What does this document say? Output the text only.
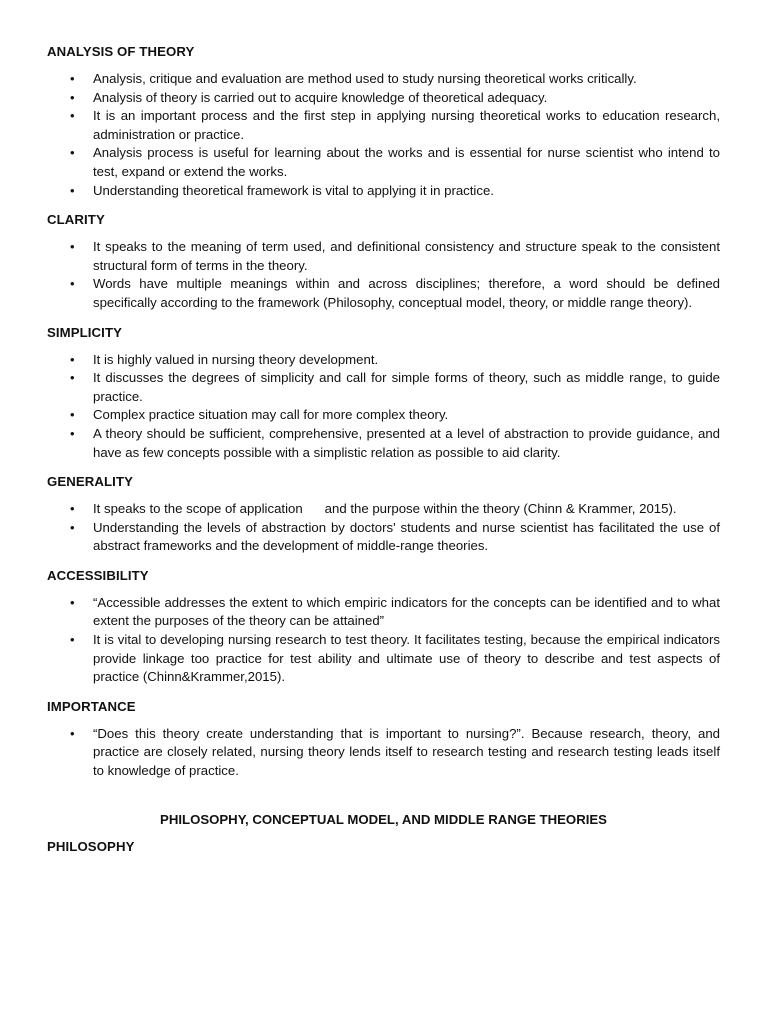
ANALYSIS OF THEORY
• Analysis, critique and evaluation are method used to study nursing theoretical works critically.
• Analysis of theory is carried out to acquire knowledge of theoretical adequacy.
• It is an important process and the first step in applying nursing theoretical works to education research, administration or practice.
• Analysis process is useful for learning about the works and is essential for nurse scientist who intend to test, expand or extend the works.
• Understanding theoretical framework is vital to applying it in practice.
CLARITY
• It speaks to the meaning of term used, and definitional consistency and structure speak to the consistent structural form of terms in the theory.
• Words have multiple meanings within and across disciplines; therefore, a word should be defined specifically according to the framework (Philosophy, conceptual model, theory, or middle range theory).
SIMPLICITY
• It is highly valued in nursing theory development.
• It discusses the degrees of simplicity and call for simple forms of theory, such as middle range, to guide practice.
• Complex practice situation may call for more complex theory.
• A theory should be sufficient, comprehensive, presented at a level of abstraction to provide guidance, and have as few concepts possible with a simplistic relation as possible to aid clarity.
GENERALITY
• It speaks to the scope of application      and the purpose within the theory (Chinn & Krammer, 2015).
• Understanding the levels of abstraction by doctors' students and nurse scientist has facilitated the use of abstract frameworks and the development of middle-range theories.
ACCESSIBILITY
• “Accessible addresses the extent to which empiric indicators for the concepts can be identified and to what extent the purposes of the theory can be attained”
• It is vital to developing nursing research to test theory. It facilitates testing, because the empirical indicators provide linkage too practice for test ability and ultimate use of theory to describe and test aspects of practice (Chinn&Krammer,2015).
IMPORTANCE
• “Does this theory create understanding that is important to nursing?”. Because research, theory, and practice are closely related, nursing theory lends itself to research testing and research testing leads itself to knowledge of practice.
PHILOSOPHY, CONCEPTUAL MODEL, AND MIDDLE RANGE THEORIES
PHILOSOPHY
